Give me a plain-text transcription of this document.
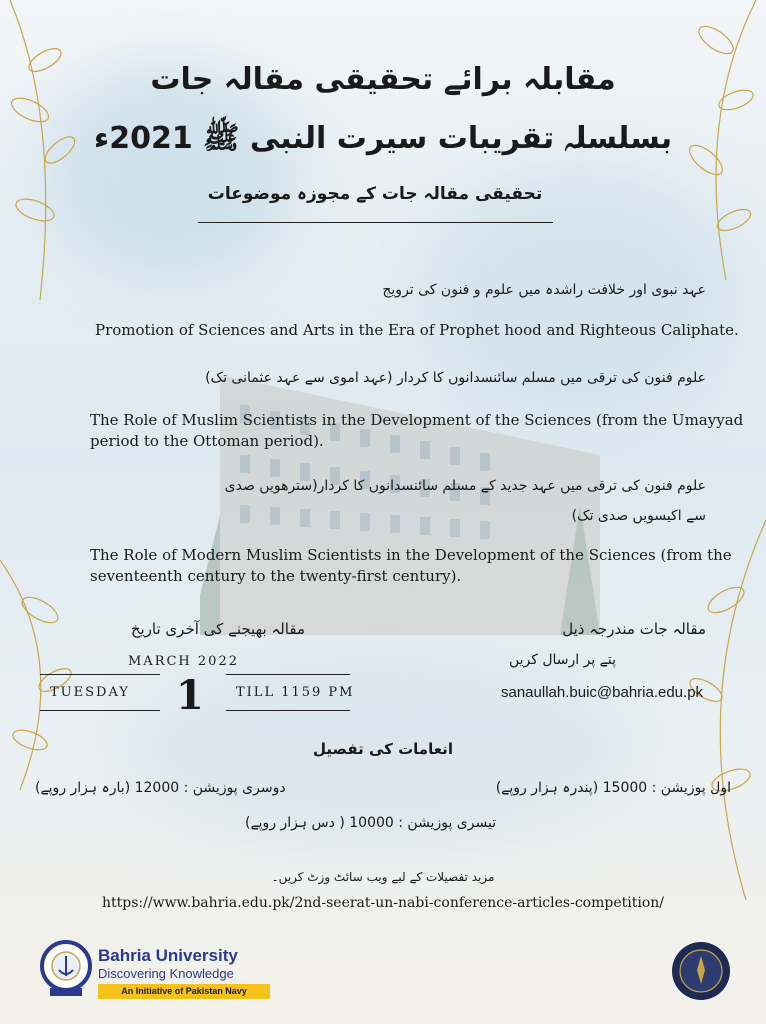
مقابلہ برائے تحقیقی مقالہ جات
بسلسلہ تقریبات سیرت النبی ﷺ 2021ء
تحقیقی مقالہ جات کے مجوزہ موضوعات
عہد نبوی اور خلافت راشدہ میں علوم و فنون کی ترویج
Promotion of Sciences and Arts in the Era of Prophet hood and Righteous Caliphate.
علوم فنون کی ترقی میں مسلم سائنسدانوں کا کردار (عہد اموی سے عہد عثمانی تک)
The Role of Muslim Scientists in the Development of the Sciences (from the Umayyad
period to the Ottoman period).
علوم فنون کی ترقی میں عہد جدید کے مسلم سائنسدانوں کا کردار(سترھویں صدی
سے اکیسویں صدی تک)
The Role of Modern Muslim Scientists in the Development of the Sciences (from the
seventeenth century to the twenty-first century).
مقالہ بھیجنے کی آخری تاریخ
MARCH 2022
TUESDAY 1 TILL 1159 PM
مقالہ جات مندرجہ ذیل
پتے پر ارسال کریں
sanaullah.buic@bahria.edu.pk
انعامات کی تفصیل
اول پوزیشن : 15000 (پندرہ ہزار روپے)
دوسری پوزیشن : 12000 (بارہ ہزار روپے)
تیسری پوزیشن : 10000 ( دس ہزار روپے)
مزید تفصیلات کے لیے ویب سائٹ وزٹ کریں۔
https://www.bahria.edu.pk/2nd-seerat-un-nabi-conference-articles-competition/
Bahria University
Discovering Knowledge
An Initiative of Pakistan Navy
